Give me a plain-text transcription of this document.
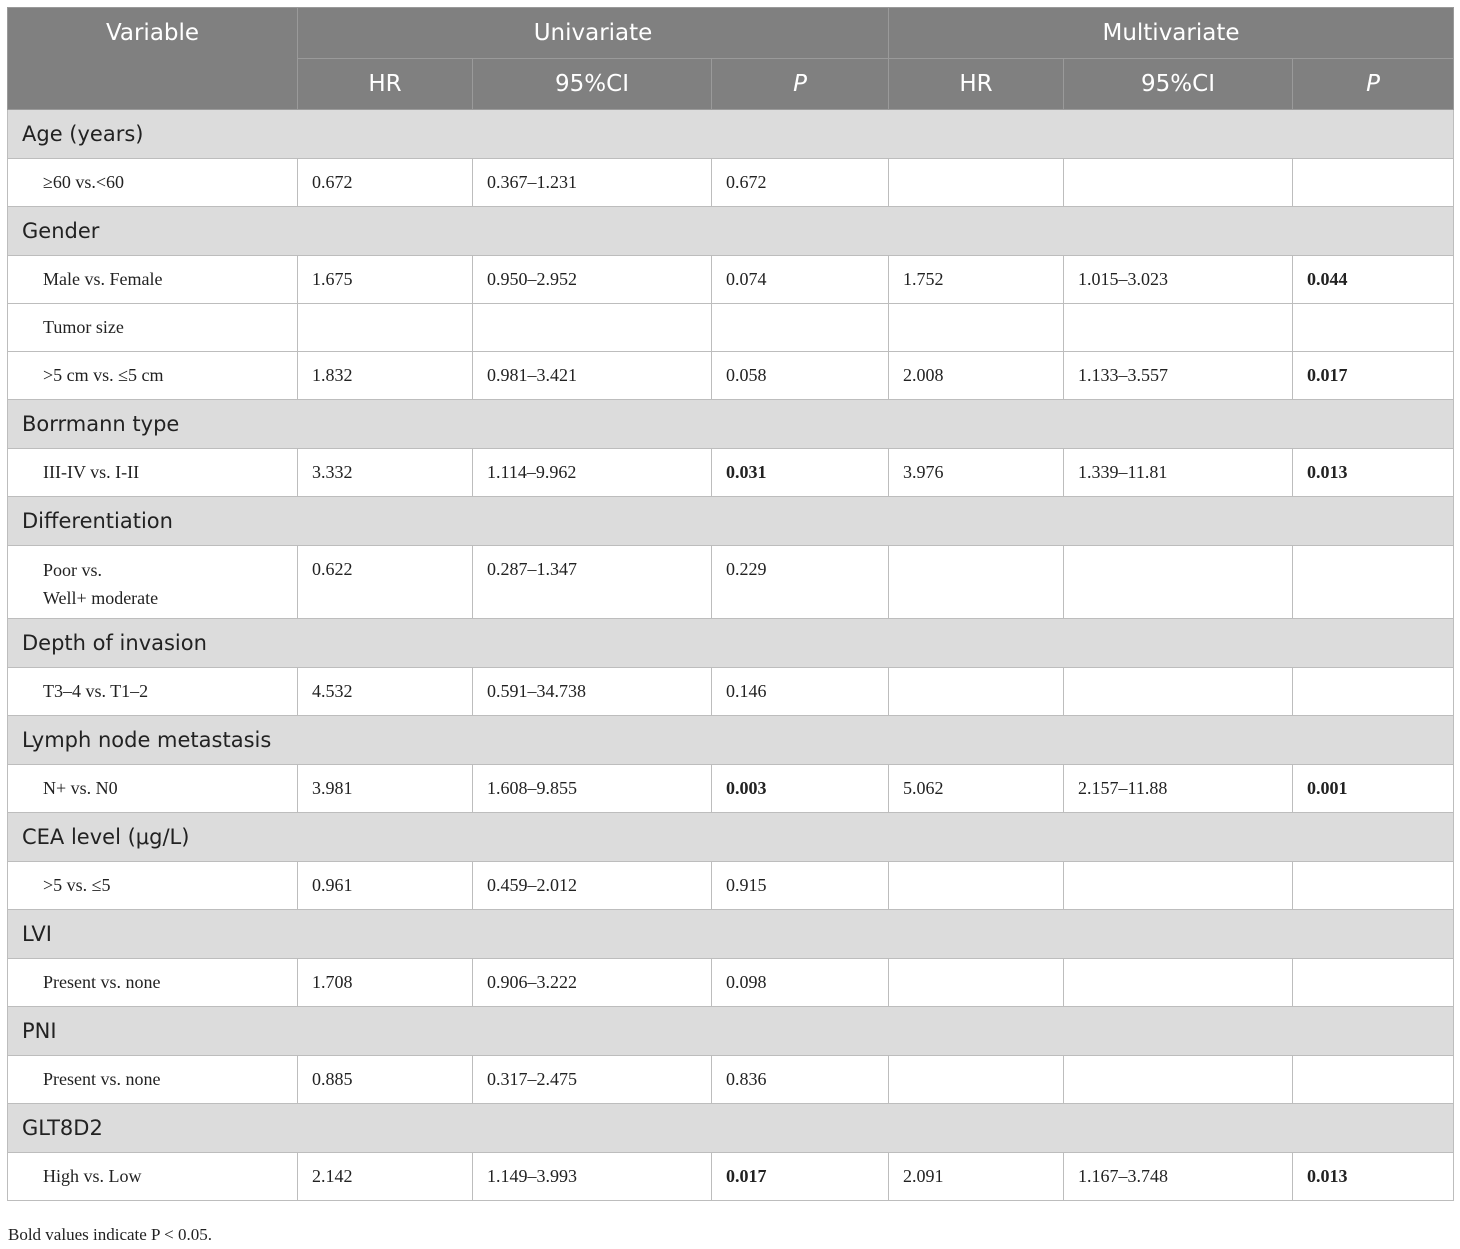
Variable	Univariate			Multivariate		
	HR	95%CI	P	HR	95%CI	P
Age (years)						

≥60 vs.<60	0.672	0.367–1.231	0.672			
Gender						

Male vs. Female	1.675	0.950–2.952	0.074	1.752	1.015–3.023	0.044

Tumor size						

>5 cm vs. ≤5 cm	1.832	0.981–3.421	0.058	2.008	1.133–3.557	0.017
Borrmann type						

III-IV vs. I-II	3.332	1.114–9.962	0.031	3.976	1.339–11.81	0.013
Differentiation						

Poor vs.
Well+ moderate	0.622	0.287–1.347	0.229			
Depth of invasion						

T3–4 vs. T1–2	4.532	0.591–34.738	0.146			
Lymph node metastasis						

N+ vs. N0	3.981	1.608–9.855	0.003	5.062	2.157–11.88	0.001
CEA level (μg/L)						

>5 vs. ≤5	0.961	0.459–2.012	0.915			
LVI						

Present vs. none	1.708	0.906–3.222	0.098			
PNI						

Present vs. none	0.885	0.317–2.475	0.836			
GLT8D2						

High vs. Low	2.142	1.149–3.993	0.017	2.091	1.167–3.748	0.013
Bold values indicate P < 0.05.
